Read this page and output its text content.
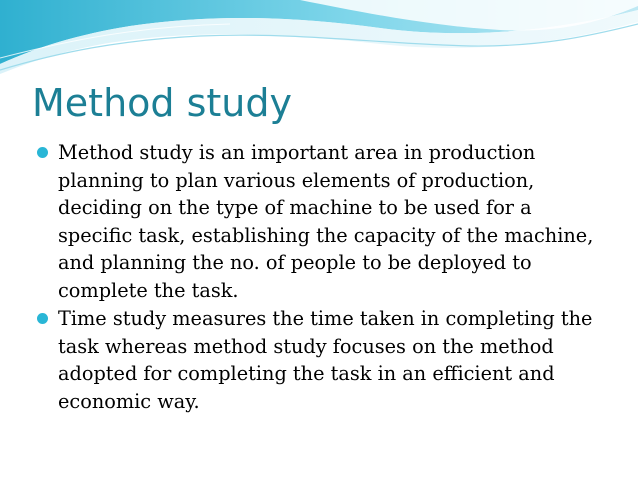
Method study
Method study is an important area in production planning to plan various elements of production, deciding on the type of machine to be used for a specific task, establishing the capacity of the machine, and planning the no. of people to be deployed to complete the task.
Time study measures the time taken in completing the task whereas method study focuses on the method adopted for completing the task in an efficient and economic way.
